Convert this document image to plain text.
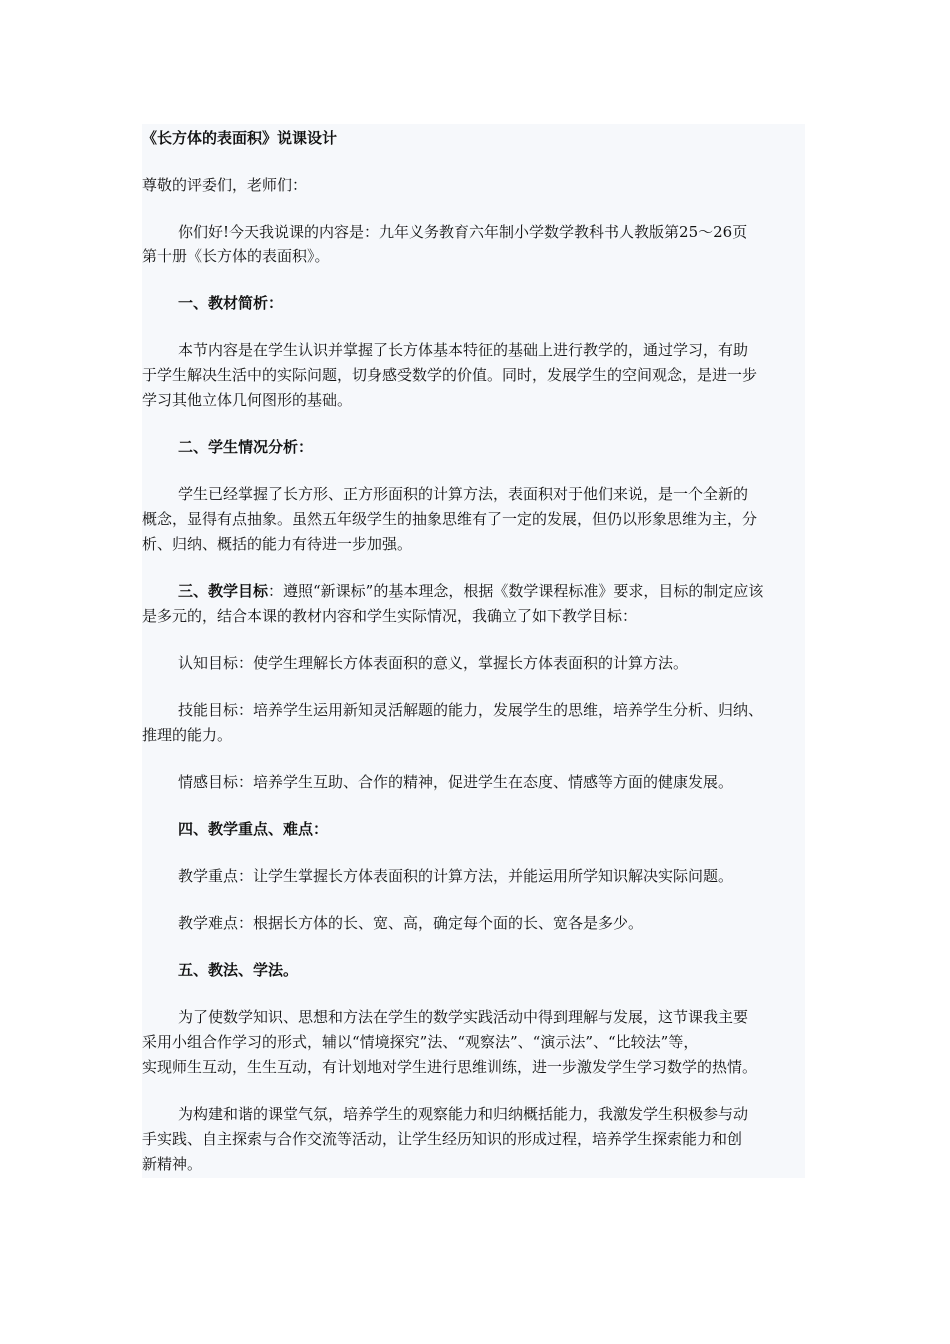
《长方体的表面积》说课设计
尊敬的评委们，老师们：
你们好!今天我说课的内容是：九年义务教育六年制小学数学教科书人教版第25～26页
第十册《长方体的表面积》。
一、教材简析：
本节内容是在学生认识并掌握了长方体基本特征的基础上进行教学的，通过学习，有助
于学生解决生活中的实际问题，切身感受数学的价值。同时，发展学生的空间观念，是进一步
学习其他立体几何图形的基础。
二、学生情况分析：
学生已经掌握了长方形、正方形面积的计算方法，表面积对于他们来说，是一个全新的
概念，显得有点抽象。虽然五年级学生的抽象思维有了一定的发展，但仍以形象思维为主，分
析、归纳、概括的能力有待进一步加强。
三、教学目标：遵照“新课标”的基本理念，根据《数学课程标准》要求，目标的制定应该
是多元的，结合本课的教材内容和学生实际情况，我确立了如下教学目标：
认知目标：使学生理解长方体表面积的意义，掌握长方体表面积的计算方法。
技能目标：培养学生运用新知灵活解题的能力，发展学生的思维，培养学生分析、归纳、
推理的能力。
情感目标：培养学生互助、合作的精神，促进学生在态度、情感等方面的健康发展。
四、教学重点、难点：
教学重点：让学生掌握长方体表面积的计算方法，并能运用所学知识解决实际问题。
教学难点：根据长方体的长、宽、高，确定每个面的长、宽各是多少。
五、教法、学法。
为了使数学知识、思想和方法在学生的数学实践活动中得到理解与发展，这节课我主要
采用小组合作学习的形式，辅以“情境探究”法、“观察法”、“演示法”、“比较法”等，
实现师生互动，生生互动，有计划地对学生进行思维训练，进一步激发学生学习数学的热情。
为构建和谐的课堂气氛，培养学生的观察能力和归纳概括能力，我激发学生积极参与动
手实践、自主探索与合作交流等活动，让学生经历知识的形成过程，培养学生探索能力和创
新精神。
